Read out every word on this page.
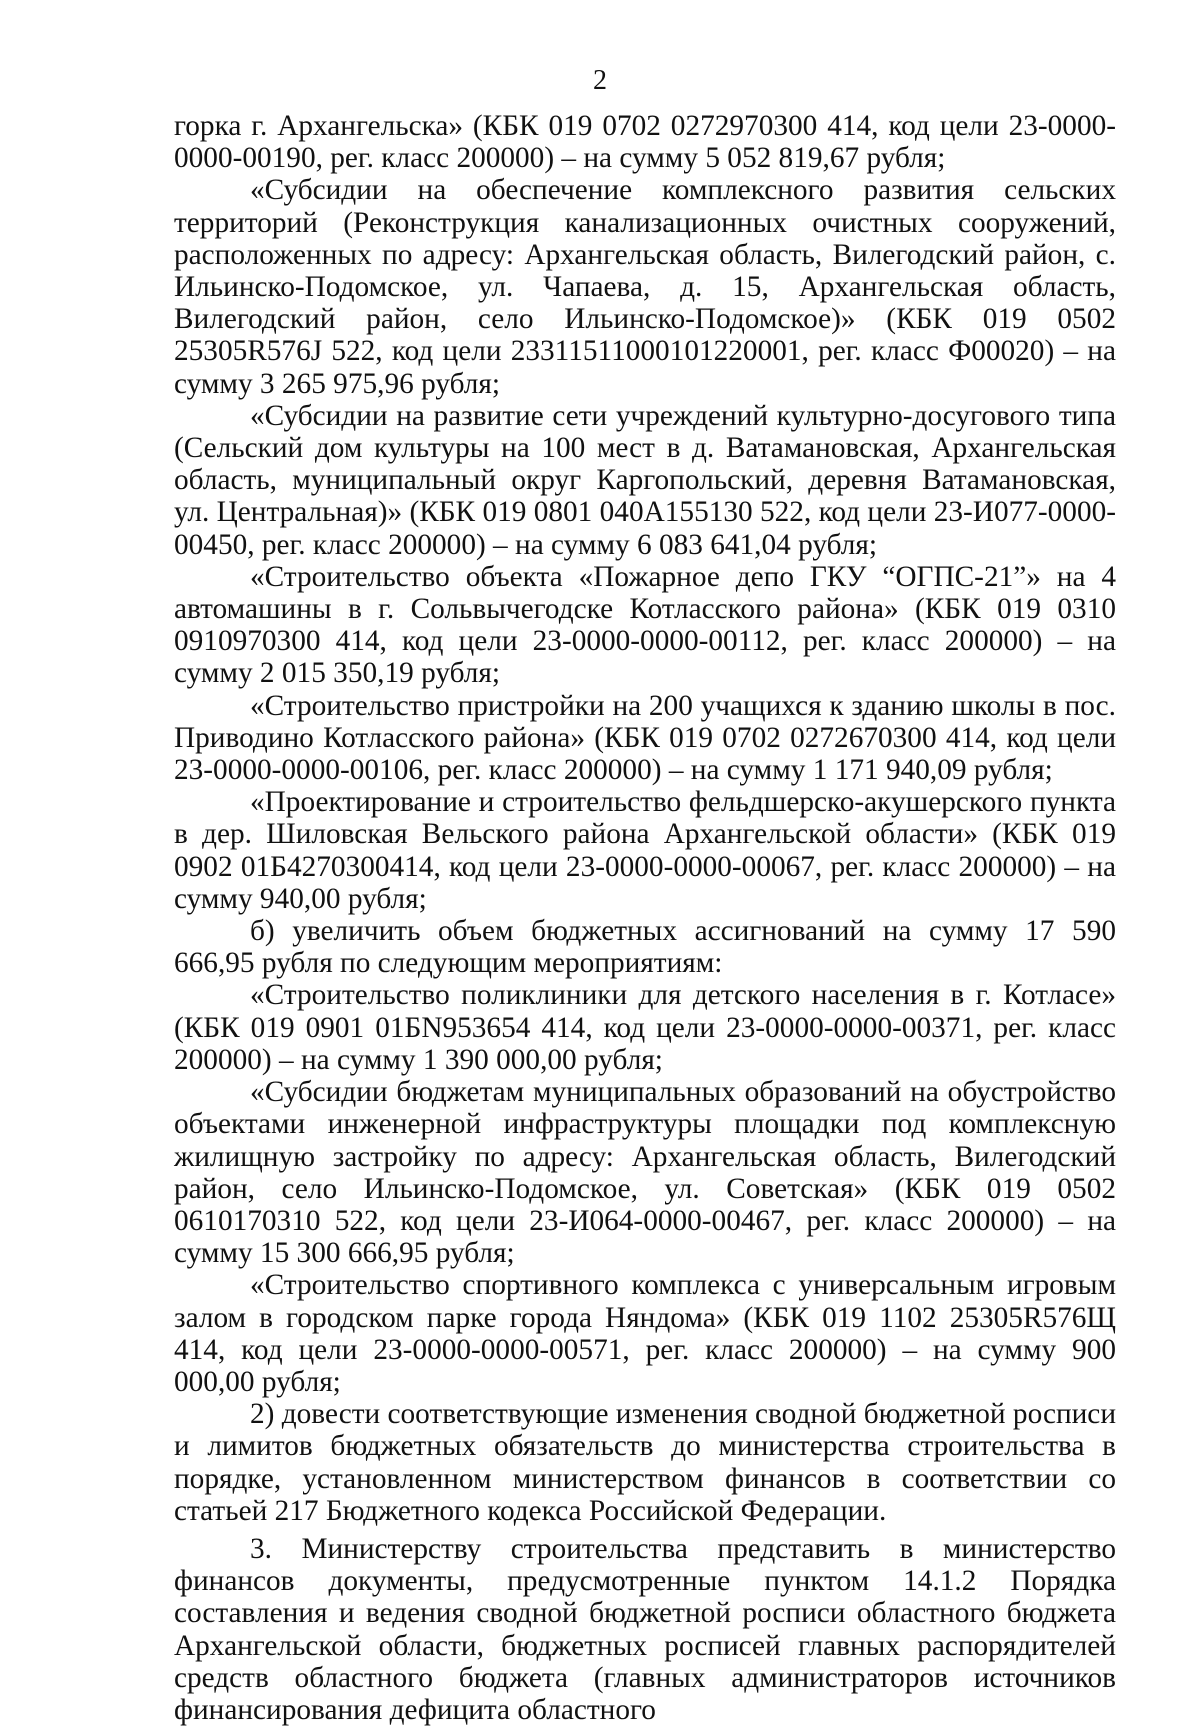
2

горка г. Архангельска» (КБК 019 0702 0272970300 414, код цели 23-0000-0000-00190, рег. класс 200000) – на сумму 5 052 819,67 рубля;

«Субсидии на обеспечение комплексного развития сельских территорий (Реконструкция канализационных очистных сооружений, расположенных по адресу: Архангельская область, Вилегодский район, с. Ильинско-Подомское, ул. Чапаева, д. 15, Архангельская область, Вилегодский район, село Ильинско-Подомское)» (КБК 019 0502 25305R576J 522, код цели 23311511000101220001, рег. класс Ф00020) – на сумму 3 265 975,96 рубля;

«Субсидии на развитие сети учреждений культурно-досугового типа (Сельский дом культуры на 100 мест в д. Ватамановская, Архангельская область, муниципальный округ Каргопольский, деревня Ватамановская, ул. Центральная)» (КБК 019 0801 040А155130 522, код цели 23-И077-0000-00450, рег. класс 200000) – на сумму 6 083 641,04 рубля;

«Строительство объекта «Пожарное депо ГКУ “ОГПС-21”» на 4 автомашины в г. Сольвычегодске Котласского района» (КБК 019 0310 0910970300 414, код цели 23-0000-0000-00112, рег. класс 200000) – на сумму 2 015 350,19 рубля;

«Строительство пристройки на 200 учащихся к зданию школы в пос. Приводино Котласского района» (КБК 019 0702 0272670300 414, код цели 23-0000-0000-00106, рег. класс 200000) – на сумму 1 171 940,09 рубля;

«Проектирование и строительство фельдшерско-акушерского пункта в дер. Шиловская Вельского района Архангельской области» (КБК 019 0902 01Б4270300414, код цели 23-0000-0000-00067, рег. класс 200000) – на сумму 940,00 рубля;

б) увеличить объем бюджетных ассигнований на сумму 17 590 666,95 рубля по следующим мероприятиям:

«Строительство поликлиники для детского населения в г. Котласе» (КБК 019 0901 01БN953654 414, код цели 23-0000-0000-00371, рег. класс 200000) – на сумму 1 390 000,00 рубля;

«Субсидии бюджетам муниципальных образований на обустройство объектами инженерной инфраструктуры площадки под комплексную жилищную застройку по адресу: Архангельская область, Вилегодский район, село Ильинско-Подомское, ул. Советская» (КБК 019 0502 0610170310 522, код цели 23-И064-0000-00467, рег. класс 200000) – на сумму 15 300 666,95 рубля;

«Строительство спортивного комплекса с универсальным игровым залом в городском парке города Няндома» (КБК 019 1102 25305R576Щ 414, код цели 23-0000-0000-00571, рег. класс 200000) – на сумму 900 000,00 рубля;

2) довести соответствующие изменения сводной бюджетной росписи и лимитов бюджетных обязательств до министерства строительства в порядке, установленном министерством финансов в соответствии со статьей 217 Бюджетного кодекса Российской Федерации.

3. Министерству строительства представить в министерство финансов документы, предусмотренные пунктом 14.1.2 Порядка составления и ведения сводной бюджетной росписи областного бюджета Архангельской области, бюджетных росписей главных распорядителей средств областного бюджета (главных администраторов источников финансирования дефицита областного
